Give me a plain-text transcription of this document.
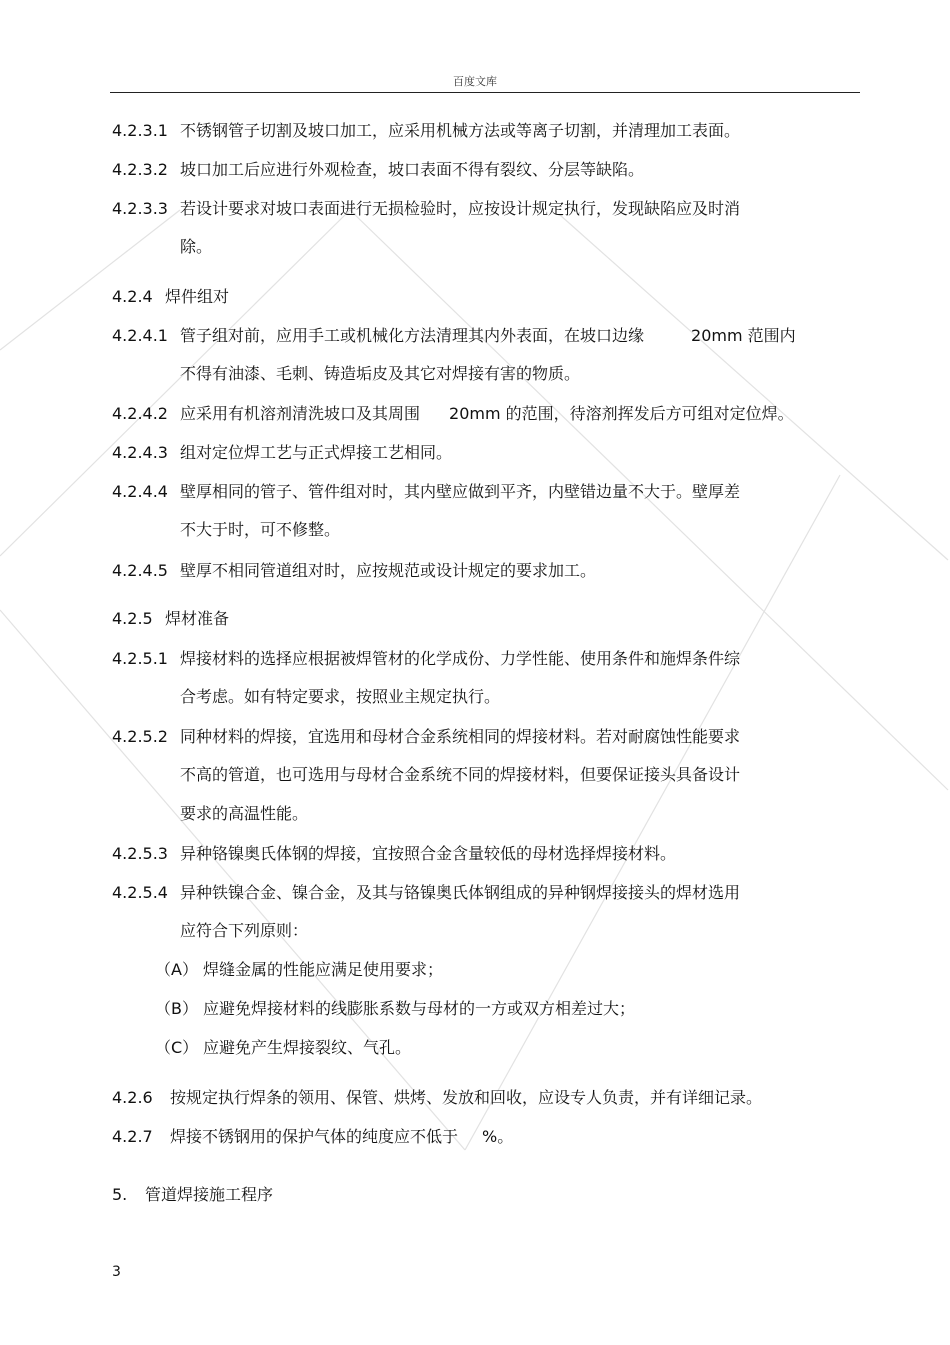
百度文库
4.2.3.1 不锈钢管子切割及坡口加工，应采用机械方法或等离子切割，并清理加工表面。
4.2.3.2 坡口加工后应进行外观检查，坡口表面不得有裂纹、分层等缺陷。
4.2.3.3 若设计要求对坡口表面进行无损检验时，应按设计规定执行，发现缺陷应及时消
除。
4.2.4 焊件组对
4.2.4.1 管子组对前，应用手工或机械化方法清理其内外表面，在坡口边缘	20mm 范围内
不得有油漆、毛刺、铸造垢皮及其它对焊接有害的物质。
4.2.4.2 应采用有机溶剂清洗坡口及其周围 20mm 的范围，待溶剂挥发后方可组对定位焊。
4.2.4.3 组对定位焊工艺与正式焊接工艺相同。
4.2.4.4 壁厚相同的管子、管件组对时，其内壁应做到平齐，内壁错边量不大于。壁厚差
不大于时，可不修整。
4.2.4.5 壁厚不相同管道组对时，应按规范或设计规定的要求加工。
4.2.5 焊材准备
4.2.5.1 焊接材料的选择应根据被焊管材的化学成份、力学性能、使用条件和施焊条件综
合考虑。如有特定要求，按照业主规定执行。
4.2.5.2 同种材料的焊接，宜选用和母材合金系统相同的焊接材料。若对耐腐蚀性能要求
不高的管道，也可选用与母材合金系统不同的焊接材料，但要保证接头具备设计
要求的高温性能。
4.2.5.3 异种铬镍奥氏体钢的焊接，宜按照合金含量较低的母材选择焊接材料。
4.2.5.4 异种铁镍合金、镍合金，及其与铬镍奥氏体钢组成的异种钢焊接接头的焊材选用
应符合下列原则：
（A） 焊缝金属的性能应满足使用要求；
（B） 应避免焊接材料的线膨胀系数与母材的一方或双方相差过大；
（C） 应避免产生焊接裂纹、气孔。
4.2.6 按规定执行焊条的领用、保管、烘烤、发放和回收，应设专人负责，并有详细记录。
4.2.7 焊接不锈钢用的保护气体的纯度应不低于 %。
5. 管道焊接施工程序
3
